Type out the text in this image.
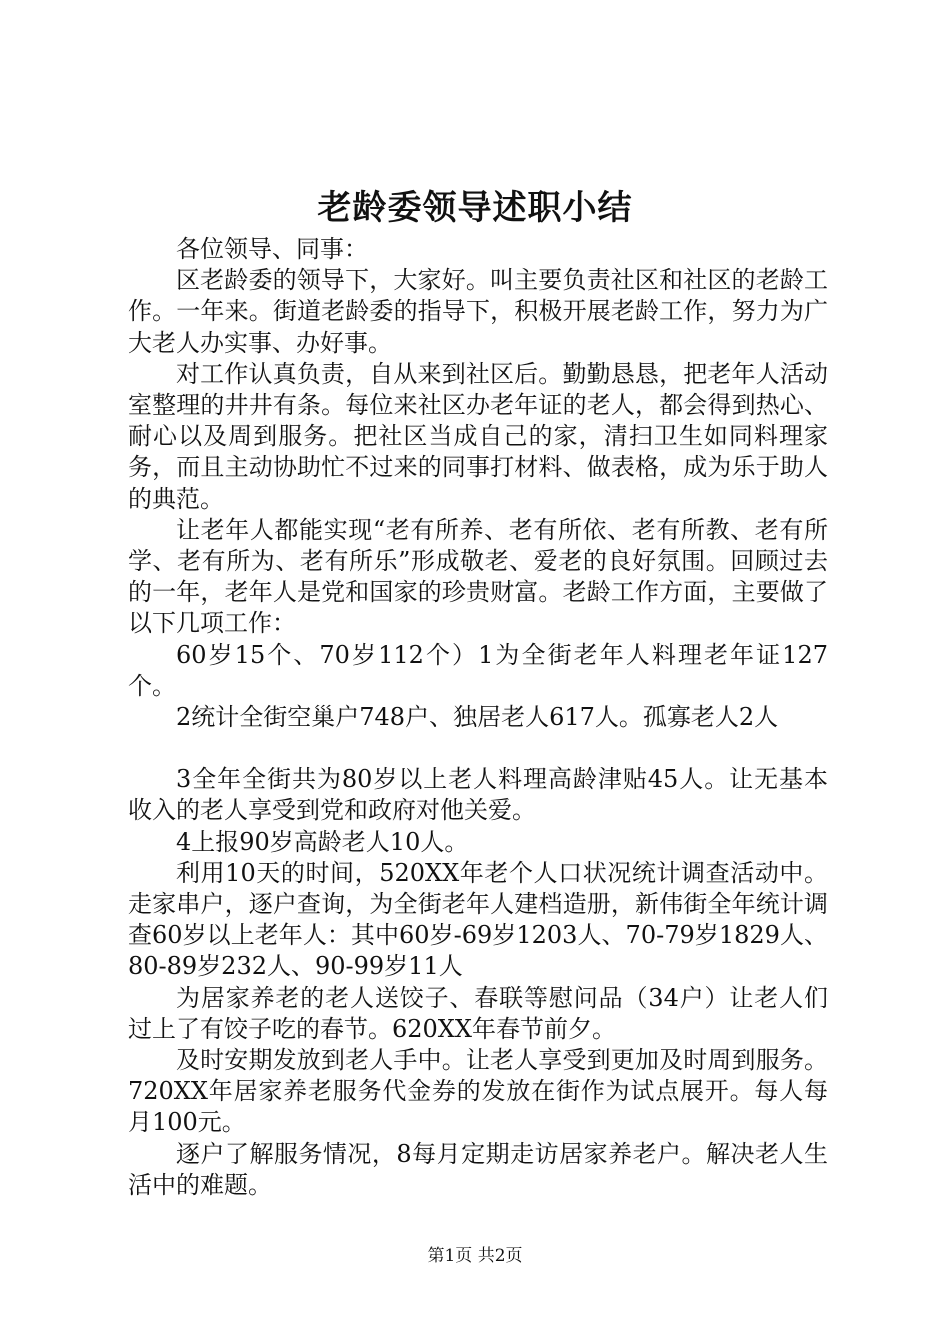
老龄委领导述职小结

各位领导、同事：

区老龄委的领导下，大家好。叫主要负责社区和社区的老龄工作。一年来。街道老龄委的指导下，积极开展老龄工作，努力为广大老人办实事、办好事。

对工作认真负责，自从来到社区后。勤勤恳恳，把老年人活动室整理的井井有条。每位来社区办老年证的老人，都会得到热心、耐心以及周到服务。把社区当成自己的家，清扫卫生如同料理家务，而且主动协助忙不过来的同事打材料、做表格，成为乐于助人的典范。

让老年人都能实现“老有所养、老有所依、老有所教、老有所学、老有所为、老有所乐”形成敬老、爱老的良好氛围。回顾过去的一年，老年人是党和国家的珍贵财富。老龄工作方面，主要做了以下几项工作：

60岁15个、70岁112个）1为全街老年人料理老年证127个。

2统计全街空巢户748户、独居老人617人。孤寡老人2人

3全年全街共为80岁以上老人料理高龄津贴45人。让无基本收入的老人享受到党和政府对他关爱。

4上报90岁高龄老人10人。

利用10天的时间，520XX年老个人口状况统计调查活动中。走家串户，逐户查询，为全街老年人建档造册，新伟街全年统计调查60岁以上老年人：其中60岁-69岁1203人、70-79岁1829人、80-89岁232人、90-99岁11人

为居家养老的老人送饺子、春联等慰问品（34户）让老人们过上了有饺子吃的春节。620XX年春节前夕。

及时安期发放到老人手中。让老人享受到更加及时周到服务。720XX年居家养老服务代金券的发放在街作为试点展开。每人每月100元。

逐户了解服务情况，8每月定期走访居家养老户。解决老人生活中的难题。

第1页 共2页
